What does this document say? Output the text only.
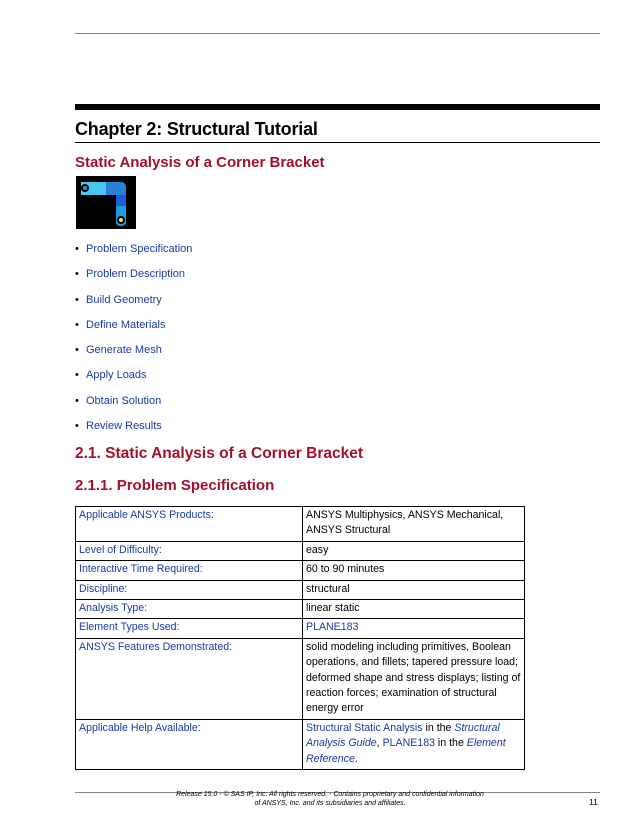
Chapter 2: Structural Tutorial
Static Analysis of a Corner Bracket
• Problem Specification
• Problem Description
• Build Geometry
• Define Materials
• Generate Mesh
• Apply Loads
• Obtain Solution
• Review Results
2.1. Static Analysis of a Corner Bracket
2.1.1. Problem Specification
Applicable ANSYS Products:	ANSYS Multiphysics, ANSYS Mechanical, ANSYS Structural
Level of Difficulty:	easy
Interactive Time Required:	60 to 90 minutes
Discipline:	structural
Analysis Type:	linear static
Element Types Used:	PLANE183
ANSYS Features Demonstrated:	solid modeling including primitives, Boolean operations, and fillets; tapered pressure load; deformed shape and stress displays; listing of reaction forces; examination of structural energy error
Applicable Help Available:	Structural Static Analysis in the Structural Analysis Guide, PLANE183 in the Element Reference.
Release 15.0 - © SAS IP, Inc. All rights reserved. - Contains proprietary and confidential information
of ANSYS, Inc. and its subsidiaries and affiliates.	11
